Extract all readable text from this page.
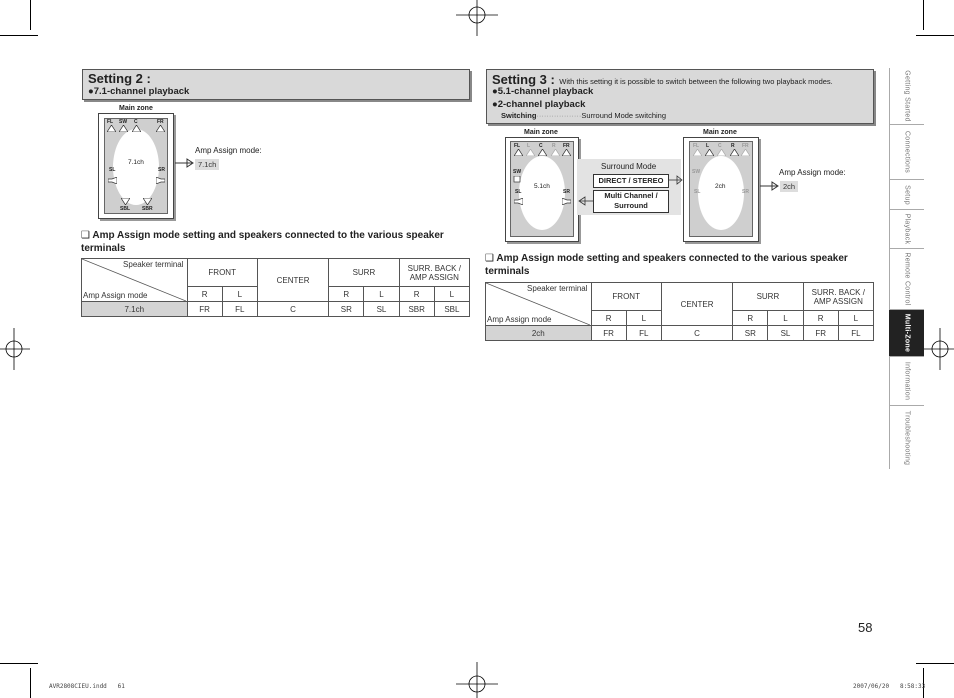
Setting 2 :
●7.1-channel playback
Main zone
FL SW C	FR
SL	SR
SBL SBR
7.1ch
Amp Assign mode:
7.1ch
❑ Amp Assign mode setting and speakers connected to the various speaker terminals
Speaker terminal
Amp Assign mode	FRONT		CENTER	SURR		SURR. BACK / AMP ASSIGN	
	R	L		R	L	R	L
7.1ch	FR	FL	C	SR	SL	SBR	SBL
Setting 3 : With this setting it is possible to switch between the following two playback modes.
●5.1-channel playback
●2-channel playback
Switching··················Surround Mode switching
Main zone
FL L C R FR
SW
SL	SR
5.1ch
Surround Mode
DIRECT / STEREO
Multi Channel / Surround
Main zone
FL L C R FR
SW
SL	SR
2ch
Amp Assign mode:
2ch
❑ Amp Assign mode setting and speakers connected to the various speaker terminals
Speaker terminal
Amp Assign mode	FRONT		CENTER	SURR		SURR. BACK / AMP ASSIGN	
	R	L		R	L	R	L
2ch	FR	FL	C	SR	SL	FR	FL
Getting Started
Connections
Setup
Playback
Remote Control
Multi-Zone
Information
Troubleshooting
58
AVR2808CIEU.indd   61	2007/06/20   8:58:33
